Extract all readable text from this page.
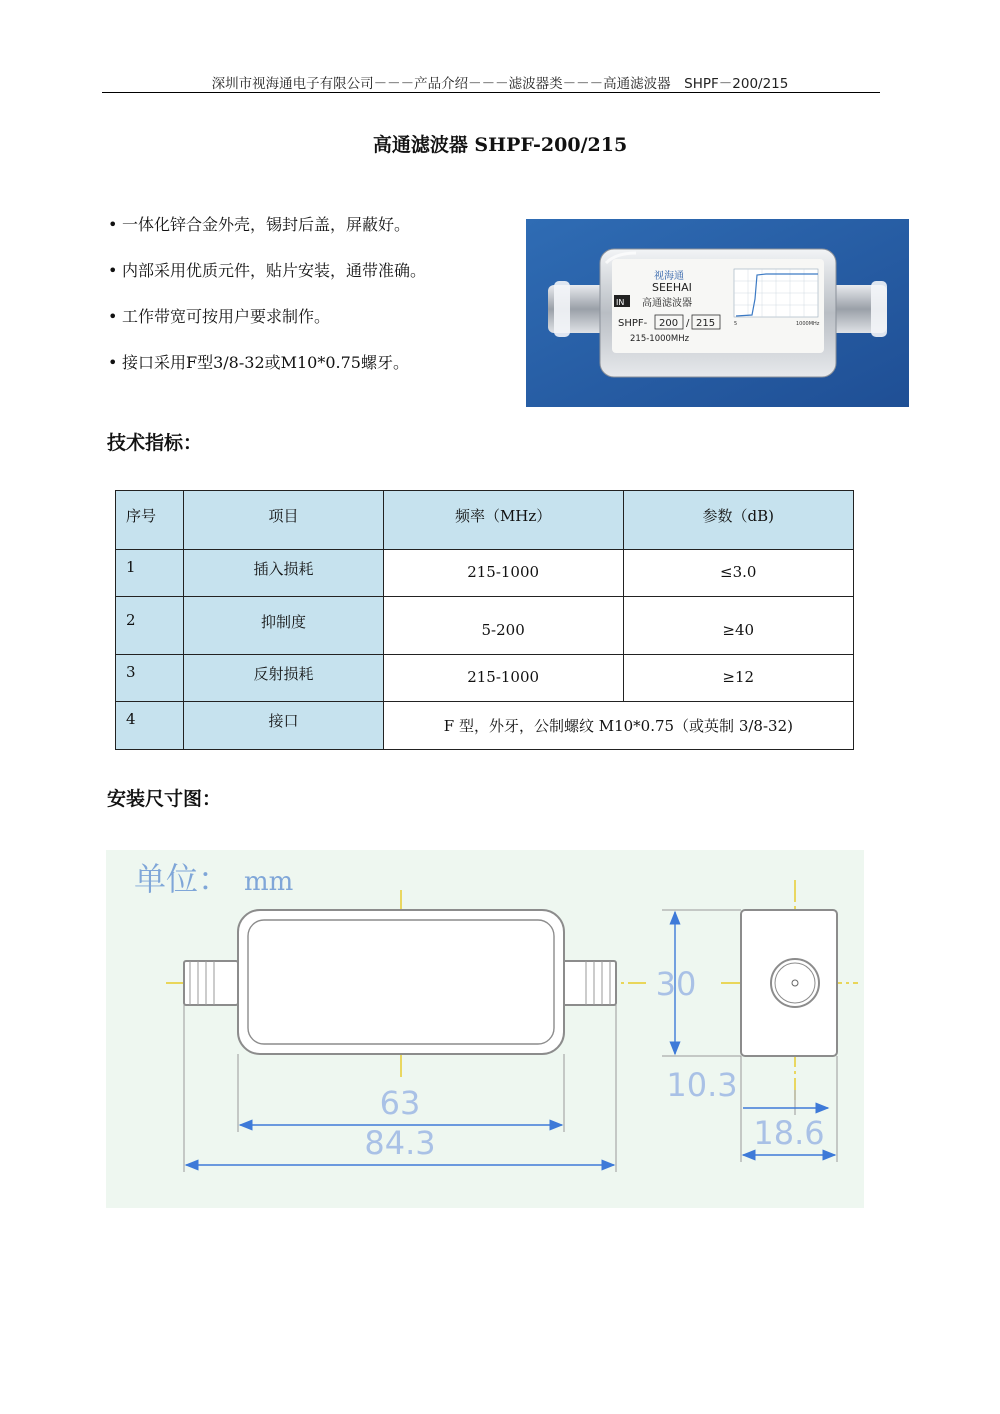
深圳市视海通电子有限公司－－－产品介绍－－－滤波器类－－－高通滤波器　SHPF－200/215
高通滤波器 SHPF-200/215
• 一体化锌合金外壳，锡封后盖，屏蔽好。
• 内部采用优质元件，贴片安装，通带准确。
• 工作带宽可按用户要求制作。
• 接口采用F型3/8-32或M10*0.75螺牙。
视海通
SEEHAI
IN 高通滤波器
SHPF- 200 / 215
215-1000MHz
5	1000MHz
技术指标：
序号	项目	频率（MHz）	参数（dB)
1	插入损耗	215-1000	≤3.0
2	抑制度	5-200	≥40
3	反射损耗	215-1000	≥12
4	接口	F 型，外牙，公制螺纹 M10*0.75（或英制 3/8-32)	
安装尺寸图：
单位： mm
63
84.3
30
10.3
18.6
